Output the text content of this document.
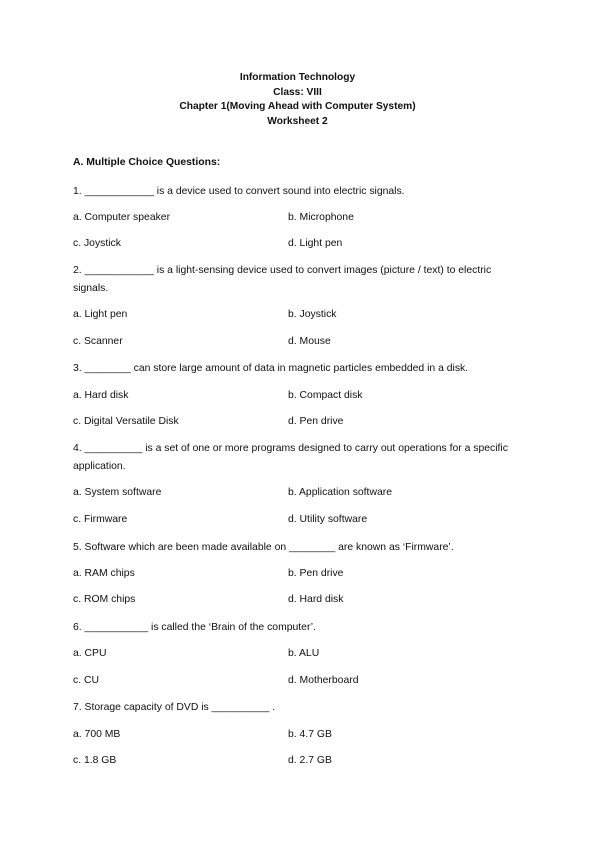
Information Technology
Class: VIII
Chapter 1(Moving Ahead with Computer System)
Worksheet 2
A. Multiple Choice Questions:
1. ____________ is a device used to convert sound into electric signals.
a. Computer speaker	b. Microphone
c. Joystick	d. Light pen
2. ____________ is a light-sensing device used to convert images (picture / text) to electric signals.
a. Light pen	b. Joystick
c. Scanner	d. Mouse
3. ________ can store large amount of data in magnetic particles embedded in a disk.
a. Hard disk	b. Compact disk
c. Digital Versatile Disk	d. Pen drive
4. __________ is a set of one or more programs designed to carry out operations for a specific application.
a. System software	b. Application software
c. Firmware	d. Utility software
5. Software which are been made available on ________ are known as ‘Firmware’.
a. RAM chips	b. Pen drive
c. ROM chips	d. Hard disk
6. ___________ is called the ‘Brain of the computer’.
a. CPU	b. ALU
c. CU	d. Motherboard
7. Storage capacity of DVD is __________ .
a. 700 MB	b. 4.7 GB
c. 1.8 GB	d. 2.7 GB
